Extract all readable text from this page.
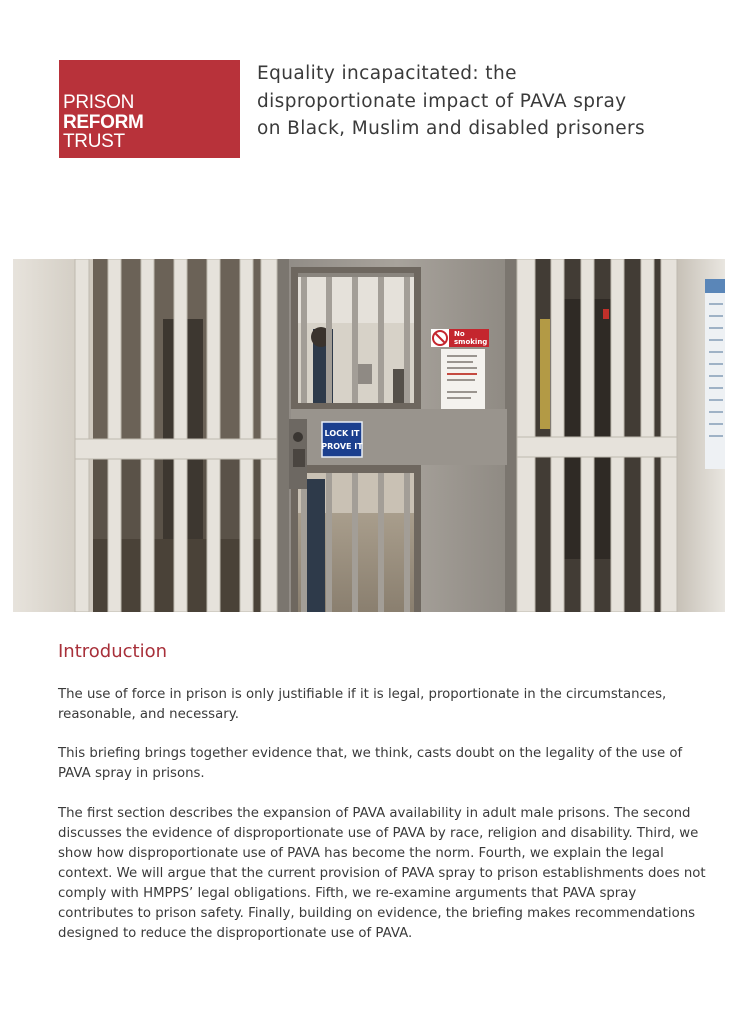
PRISON
REFORM
TRUST
Equality incapacitated: the
disproportionate impact of PAVA spray
on Black, Muslim and disabled prisoners
No
smoking
LOCK IT
PROVE IT
Introduction

The use of force in prison is only justifiable if it is legal, proportionate in the circumstances,
reasonable, and necessary.

This briefing brings together evidence that, we think, casts doubt on the legality of the use of
PAVA spray in prisons.

The first section describes the expansion of PAVA availability in adult male prisons. The second
discusses the evidence of disproportionate use of PAVA by race, religion and disability. Third, we
show how disproportionate use of PAVA has become the norm. Fourth, we explain the legal
context. We will argue that the current provision of PAVA spray to prison establishments does not
comply with HMPPS’ legal obligations. Fifth, we re-examine arguments that PAVA spray
contributes to prison safety. Finally, building on evidence, the briefing makes recommendations
designed to reduce the disproportionate use of PAVA.
